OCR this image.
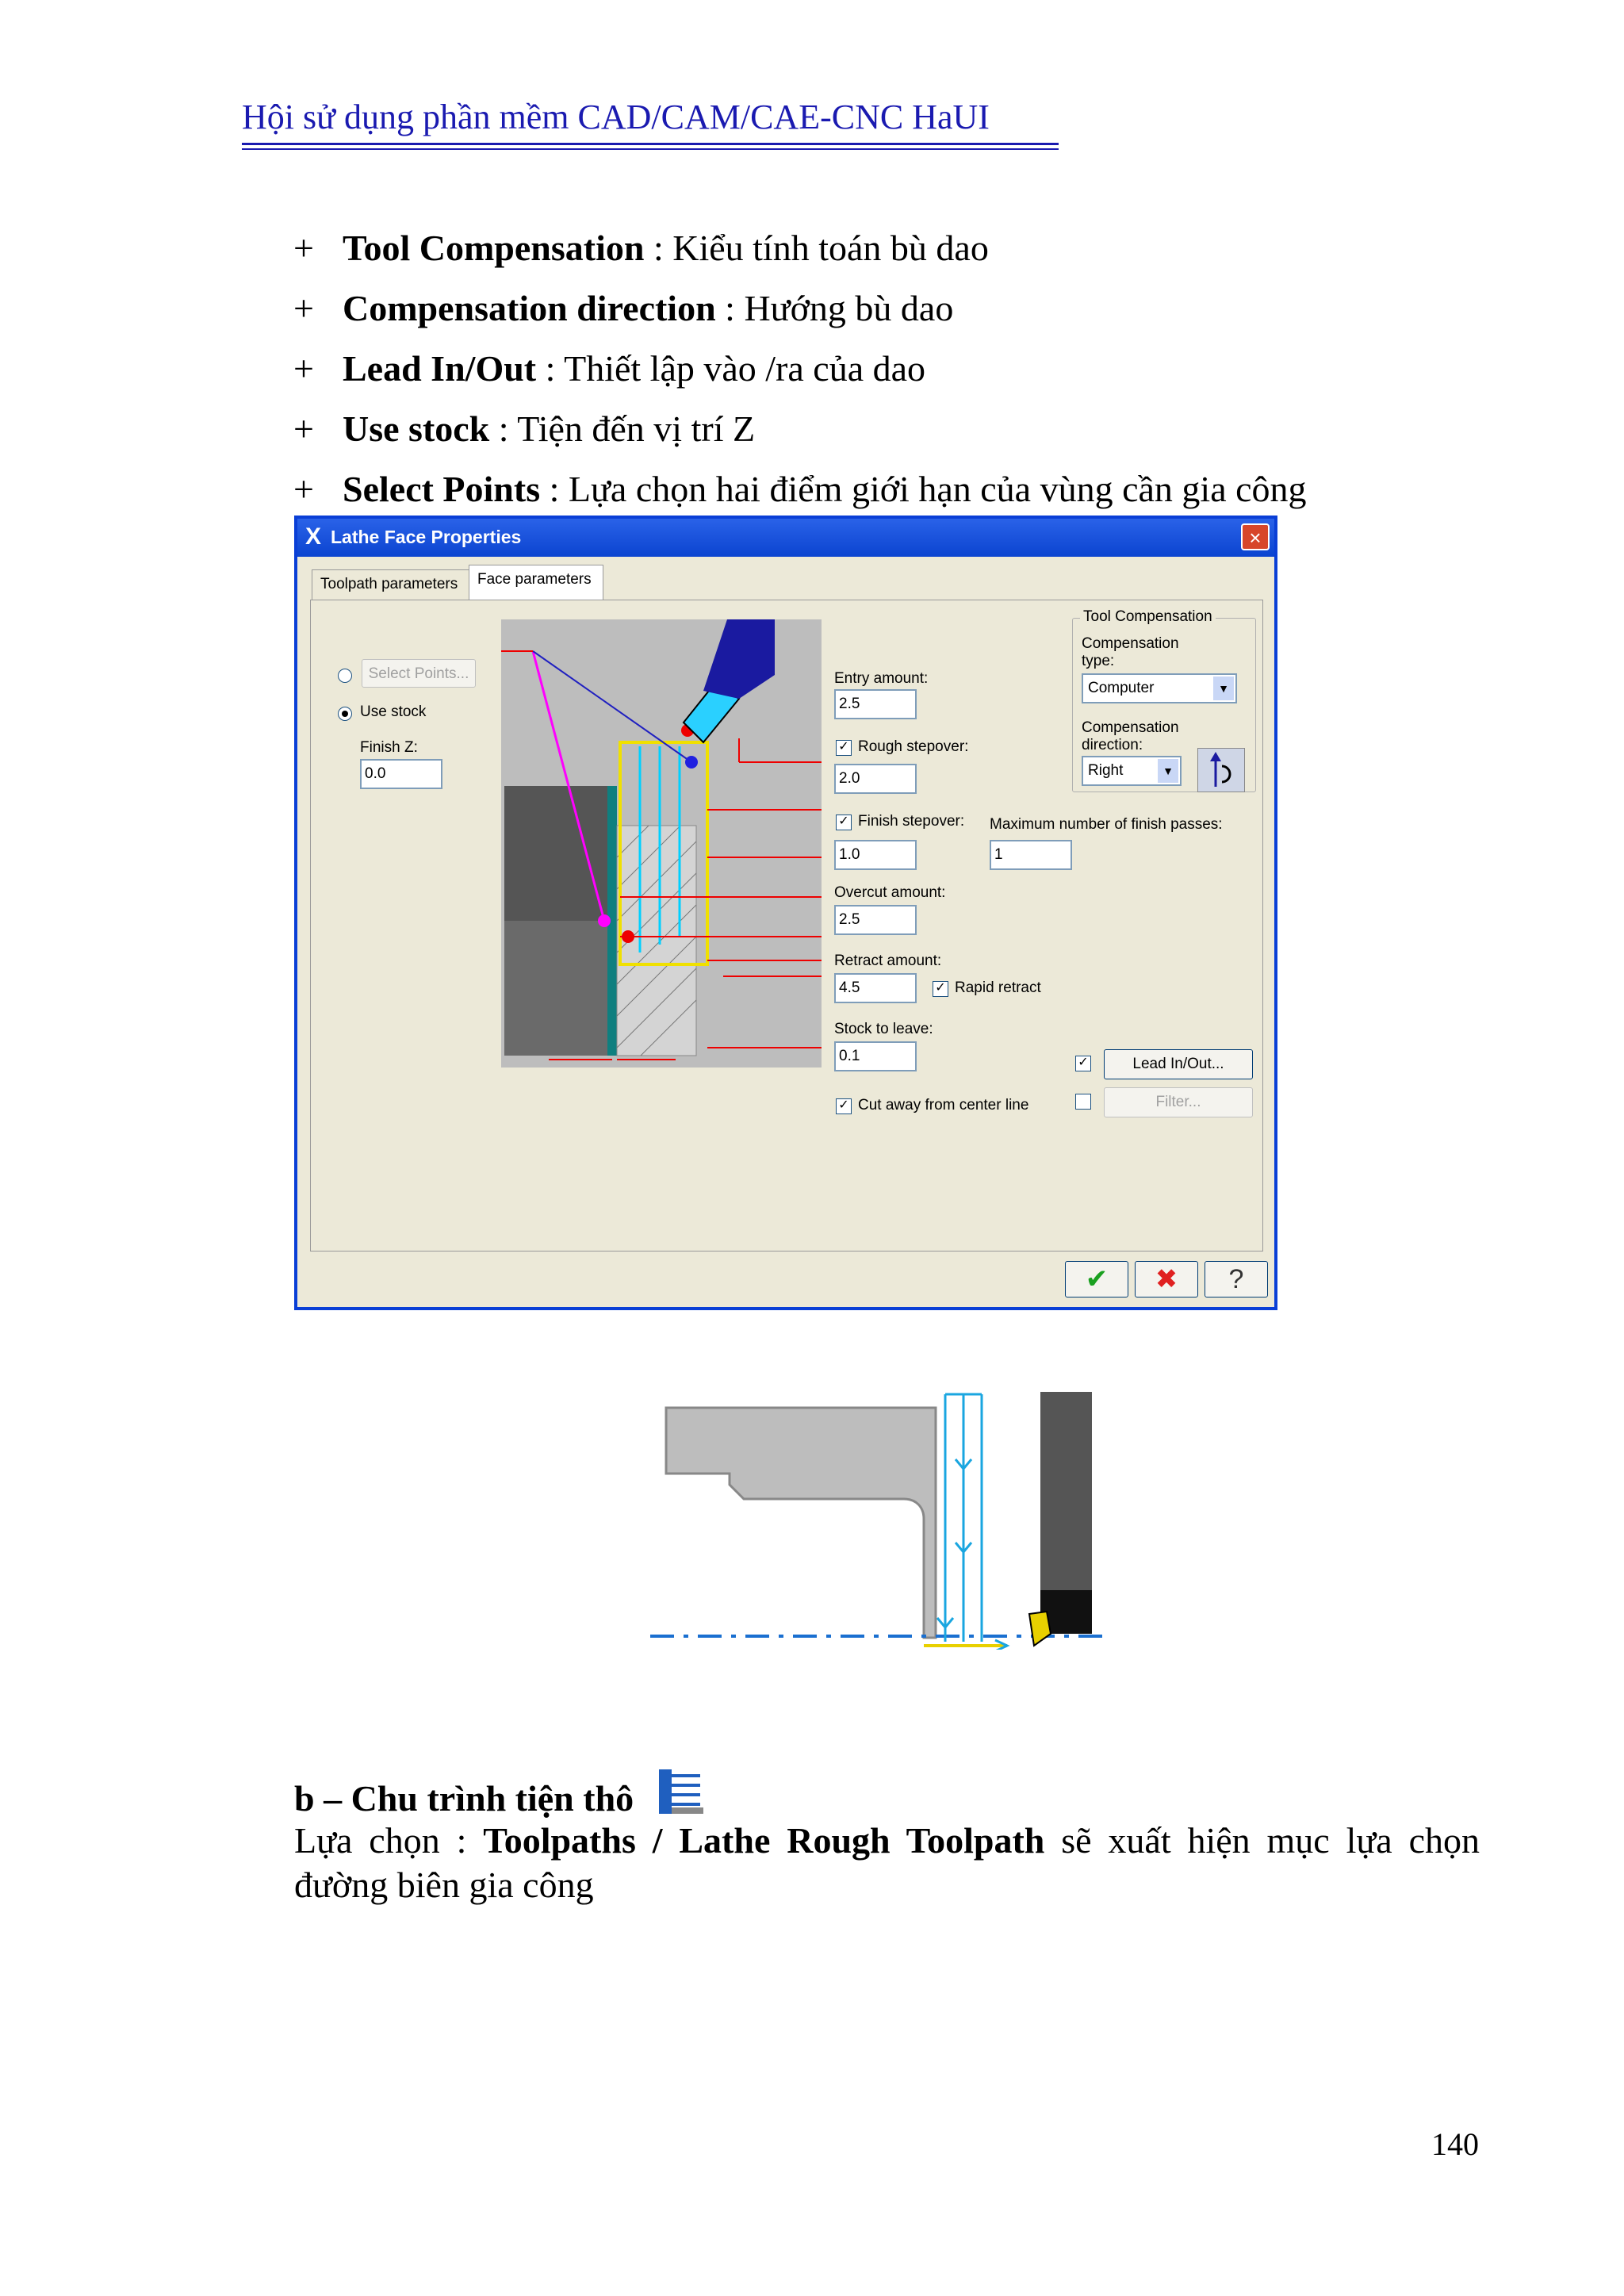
Hội sử dụng phần mềm CAD/CAM/CAE-CNC HaUI
+ Tool Compensation : Kiểu tính toán bù dao
+ Compensation direction : Hướng bù dao
+ Lead In/Out : Thiết lập vào /ra của dao
+ Use stock : Tiện đến vị trí Z
+ Select Points : Lựa chọn hai điểm giới hạn của vùng cần gia công
X Lathe Face Properties	×
Toolpath parameters	Face parameters
Select Points...
Use stock
Finish Z:
0.0
Entry amount:
2.5
✓ Rough stepover:
2.0
✓ Finish stepover:
1.0
Maximum number of finish passes:
1
Overcut amount:
2.5
Retract amount:
4.5	✓ Rapid retract
Stock to leave:
0.1
✓ Cut away from center line
Tool Compensation
Compensation type:
Computer	▼
Compensation direction:
Right	▼
✓	Lead In/Out...
Filter...
✔	✖	?
b – Chu trình tiện thô
Lựa chọn : Toolpaths / Lathe Rough Toolpath sẽ xuất hiện mục lựa chọn
đường biên gia công
140
